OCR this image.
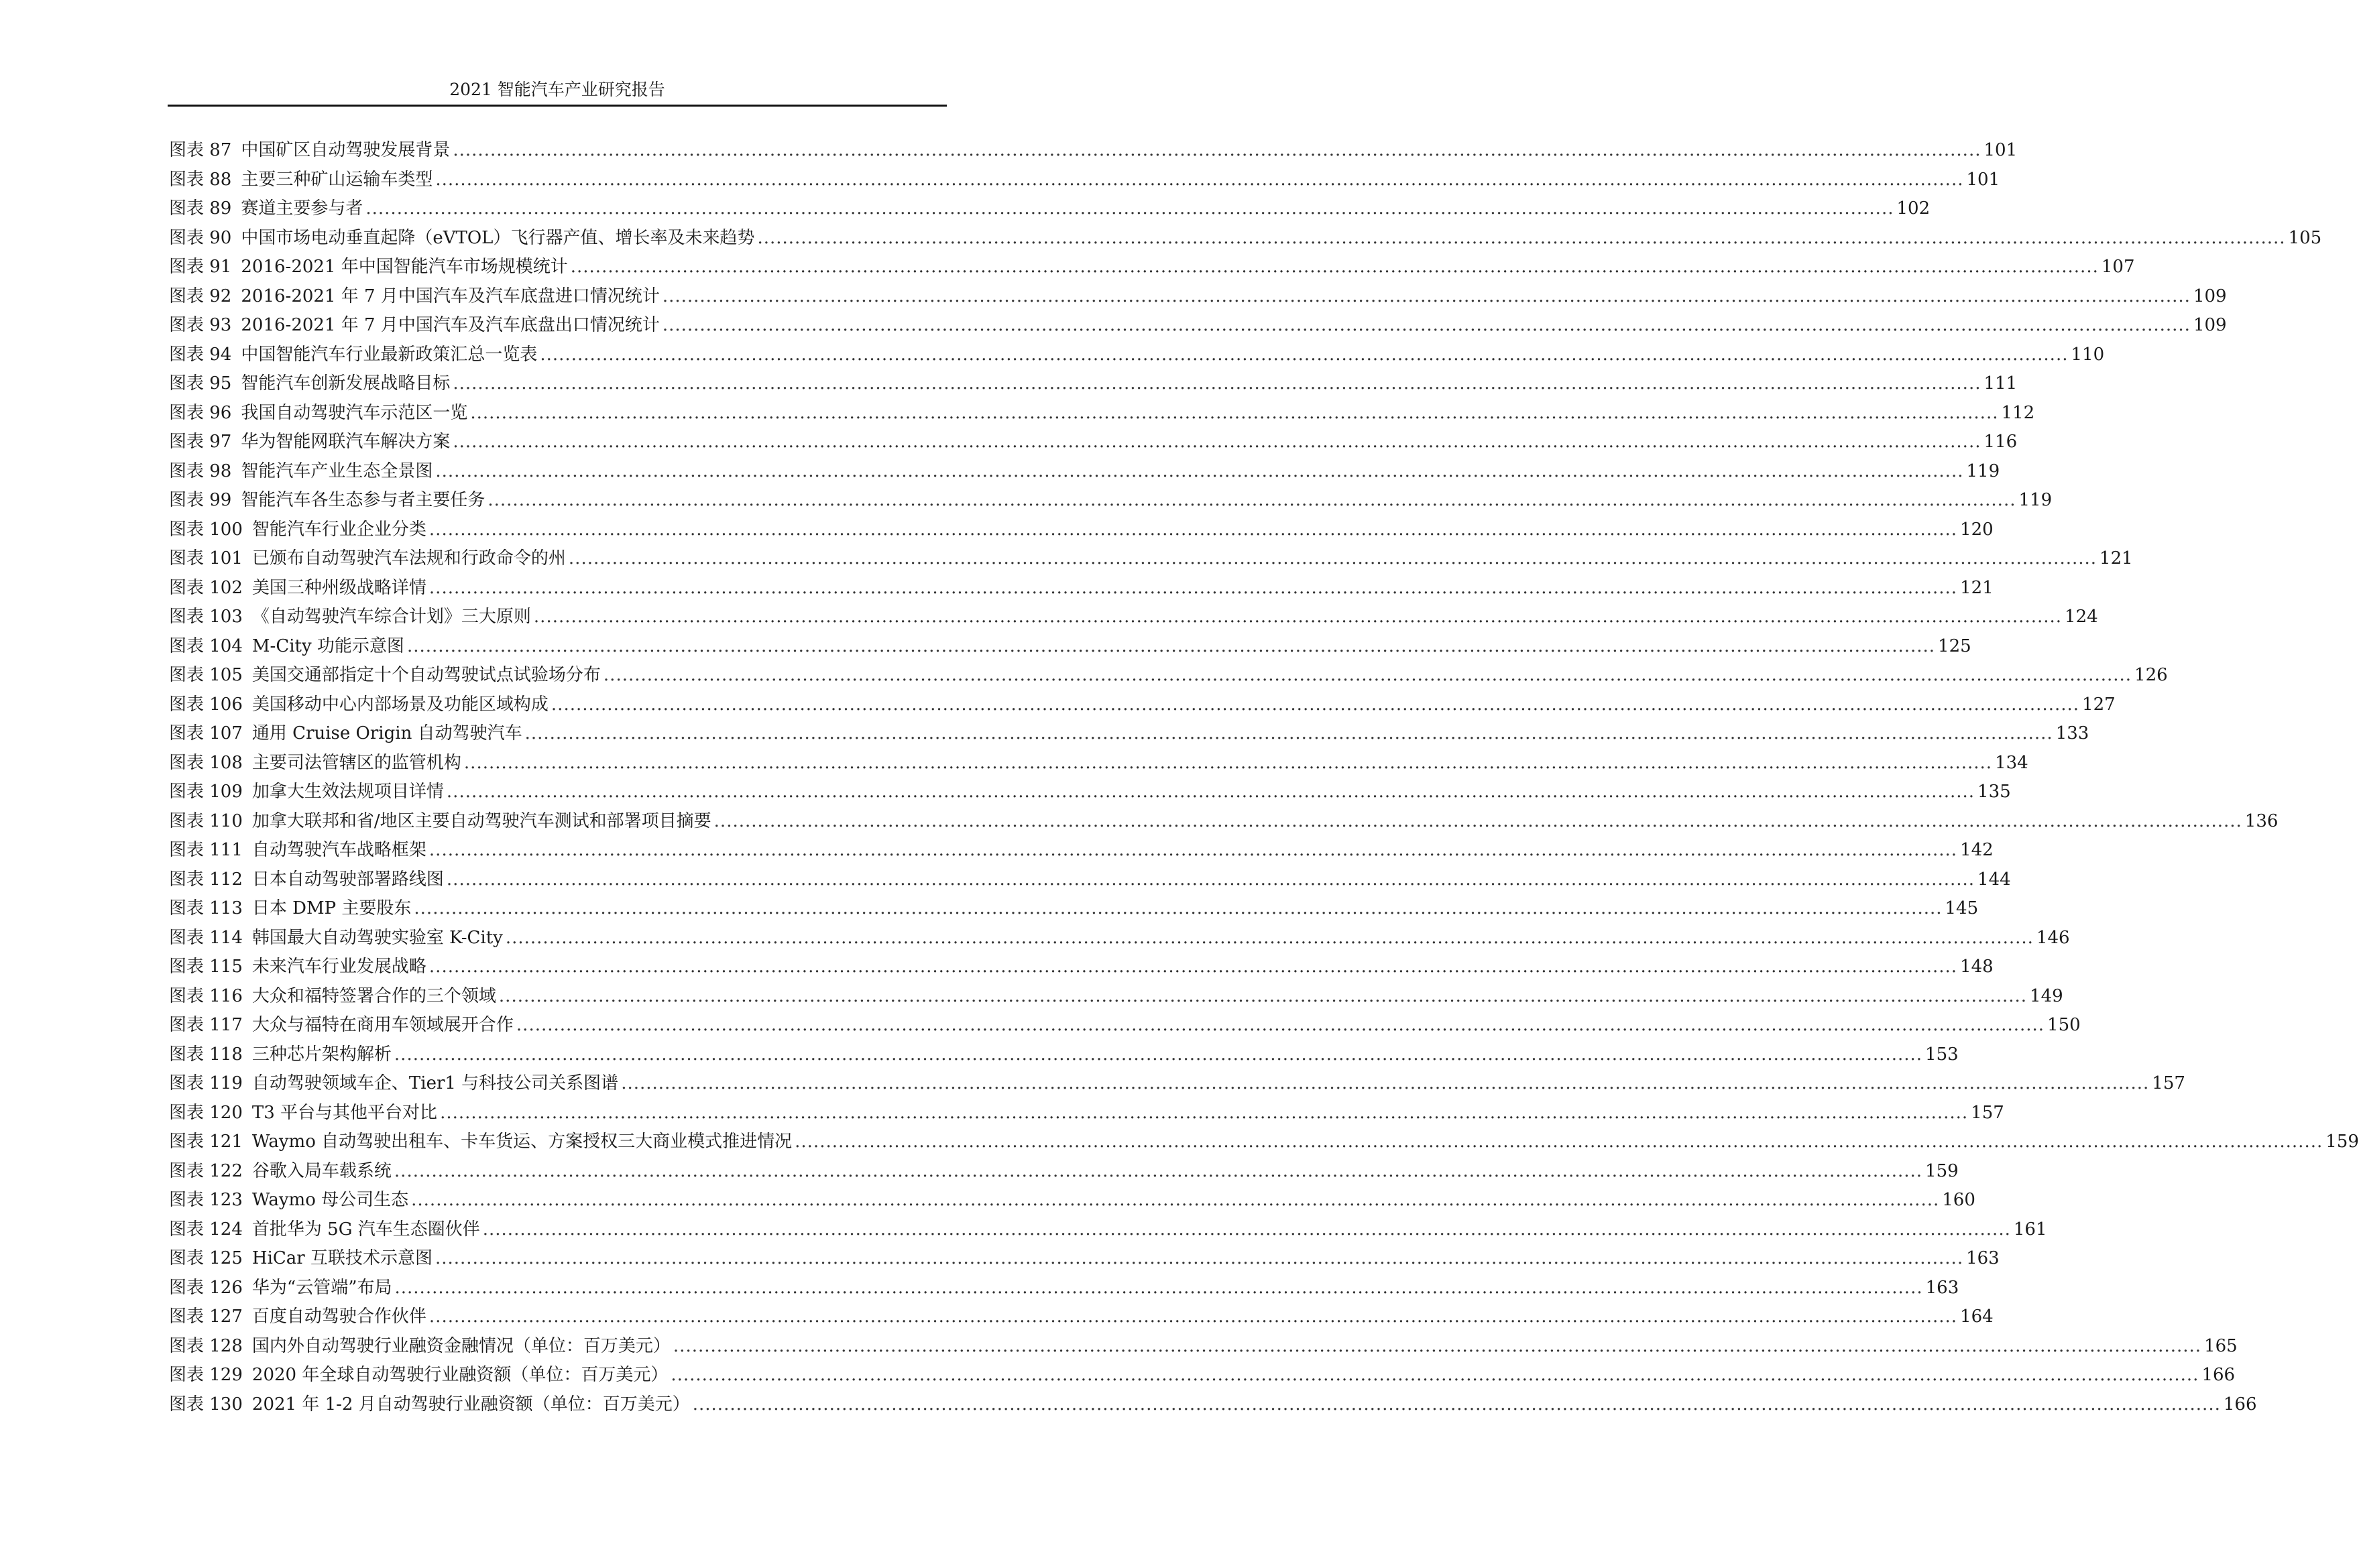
2021 智能汽车产业研究报告
图表 87 中国矿区自动驾驶发展背景 .....	101
图表 88 主要三种矿山运输车类型 .....	101
图表 89 赛道主要参与者 .....	102
图表 90 中国市场电动垂直起降（eVTOL）飞行器产值、增长率及未来趋势 .....	105
图表 91 2016-2021 年中国智能汽车市场规模统计 .....	107
图表 92 2016-2021 年 7 月中国汽车及汽车底盘进口情况统计 .....	109
图表 93 2016-2021 年 7 月中国汽车及汽车底盘出口情况统计 .....	109
图表 94 中国智能汽车行业最新政策汇总一览表 .....	110
图表 95 智能汽车创新发展战略目标 .....	111
图表 96 我国自动驾驶汽车示范区一览 .....	112
图表 97 华为智能网联汽车解决方案 .....	116
图表 98 智能汽车产业生态全景图 .....	119
图表 99 智能汽车各生态参与者主要任务 .....	119
图表 100 智能汽车行业企业分类 .....	120
图表 101 已颁布自动驾驶汽车法规和行政命令的州 .....	121
图表 102 美国三种州级战略详情 .....	121
图表 103 《自动驾驶汽车综合计划》三大原则 .....	124
图表 104 M-City 功能示意图 .....	125
图表 105 美国交通部指定十个自动驾驶试点试验场分布 .....	126
图表 106 美国移动中心内部场景及功能区域构成 .....	127
图表 107 通用 Cruise Origin 自动驾驶汽车 .....	133
图表 108 主要司法管辖区的监管机构 .....	134
图表 109 加拿大生效法规项目详情 .....	135
图表 110 加拿大联邦和省/地区主要自动驾驶汽车测试和部署项目摘要 .....	136
图表 111 自动驾驶汽车战略框架 .....	142
图表 112 日本自动驾驶部署路线图 .....	144
图表 113 日本 DMP 主要股东 .....	145
图表 114 韩国最大自动驾驶实验室 K-City .....	146
图表 115 未来汽车行业发展战略 .....	148
图表 116 大众和福特签署合作的三个领域 .....	149
图表 117 大众与福特在商用车领域展开合作 .....	150
图表 118 三种芯片架构解析 .....	153
图表 119 自动驾驶领域车企、Tier1 与科技公司关系图谱 .....	157
图表 120 T3 平台与其他平台对比 .....	157
图表 121 Waymo 自动驾驶出租车、卡车货运、方案授权三大商业模式推进情况 .....	159
图表 122 谷歌入局车载系统 .....	159
图表 123 Waymo 母公司生态 .....	160
图表 124 首批华为 5G 汽车生态圈伙伴 .....	161
图表 125 HiCar 互联技术示意图 .....	163
图表 126 华为“云管端”布局 .....	163
图表 127 百度自动驾驶合作伙伴 .....	164
图表 128 国内外自动驾驶行业融资金融情况（单位：百万美元） .....	165
图表 129 2020 年全球自动驾驶行业融资额（单位：百万美元） .....	166
图表 130 2021 年 1-2 月自动驾驶行业融资额（单位：百万美元） .....	166
